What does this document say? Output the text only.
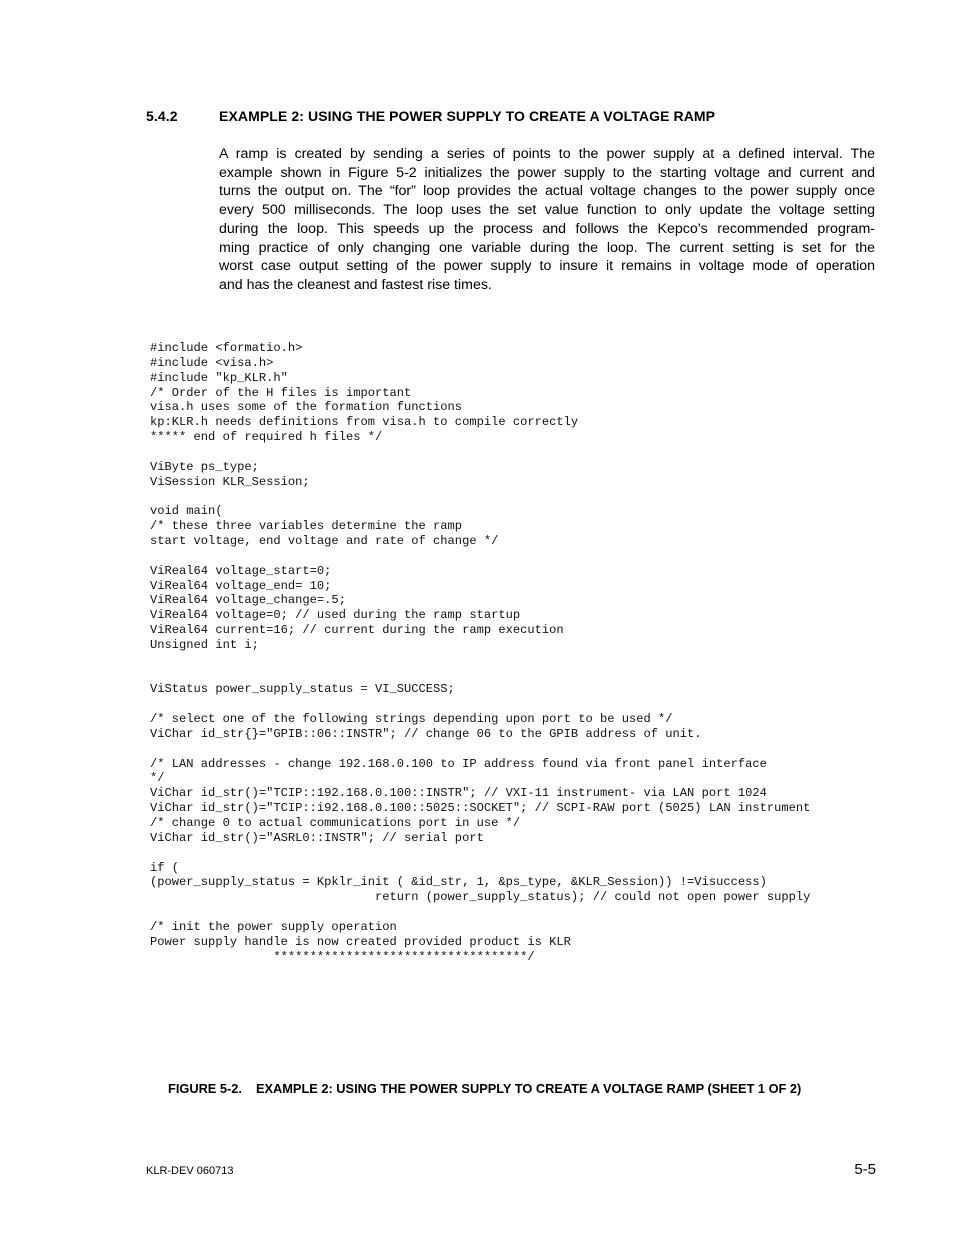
5.4.2	EXAMPLE 2: USING THE POWER SUPPLY TO CREATE A VOLTAGE RAMP
A ramp is created by sending a series of points to the power supply at a defined interval. The
example shown in Figure 5-2 initializes the power supply to the starting voltage and current and
turns the output on. The “for” loop provides the actual voltage changes to the power supply once
every 500 milliseconds. The loop uses the set value function to only update the voltage setting
during the loop. This speeds up the process and follows the Kepco’s recommended program-
ming practice of only changing one variable during the loop. The current setting is set for the
worst case output setting of the power supply to insure it remains in voltage mode of operation
and has the cleanest and fastest rise times.
#include <formatio.h>
#include <visa.h>
#include "kp_KLR.h"
/* Order of the H files is important
visa.h uses some of the formation functions
kp:KLR.h needs definitions from visa.h to compile correctly
***** end of required h files */
ViByte ps_type;
ViSession KLR_Session;
void main(
/* these three variables determine the ramp
start voltage, end voltage and rate of change */
ViReal64 voltage_start=0;
ViReal64 voltage_end= 10;
ViReal64 voltage_change=.5;
ViReal64 voltage=0; // used during the ramp startup
ViReal64 current=16; // current during the ramp execution
Unsigned int i;
ViStatus power_supply_status = VI_SUCCESS;
/* select one of the following strings depending upon port to be used */
ViChar id_str{}="GPIB::06::INSTR"; // change 06 to the GPIB address of unit.
/* LAN addresses - change 192.168.0.100 to IP address found via front panel interface
*/
ViChar id_str()="TCIP::192.168.0.100::INSTR"; // VXI-11 instrument- via LAN port 1024
ViChar id_str()="TCIP::i92.168.0.100::5025::SOCKET"; // SCPI-RAW port (5025) LAN instrument
/* change 0 to actual communications port in use */
ViChar id_str()="ASRL0::INSTR"; // serial port
if (
(power_supply_status = Kpklr_init ( &id_str, 1, &ps_type, &KLR_Session)) !=Visuccess)
return (power_supply_status); // could not open power supply
/* init the power supply operation
Power supply handle is now created provided product is KLR
***********************************/
FIGURE 5-2. EXAMPLE 2: USING THE POWER SUPPLY TO CREATE A VOLTAGE RAMP (SHEET 1 OF 2)
KLR-DEV 060713	5-5
